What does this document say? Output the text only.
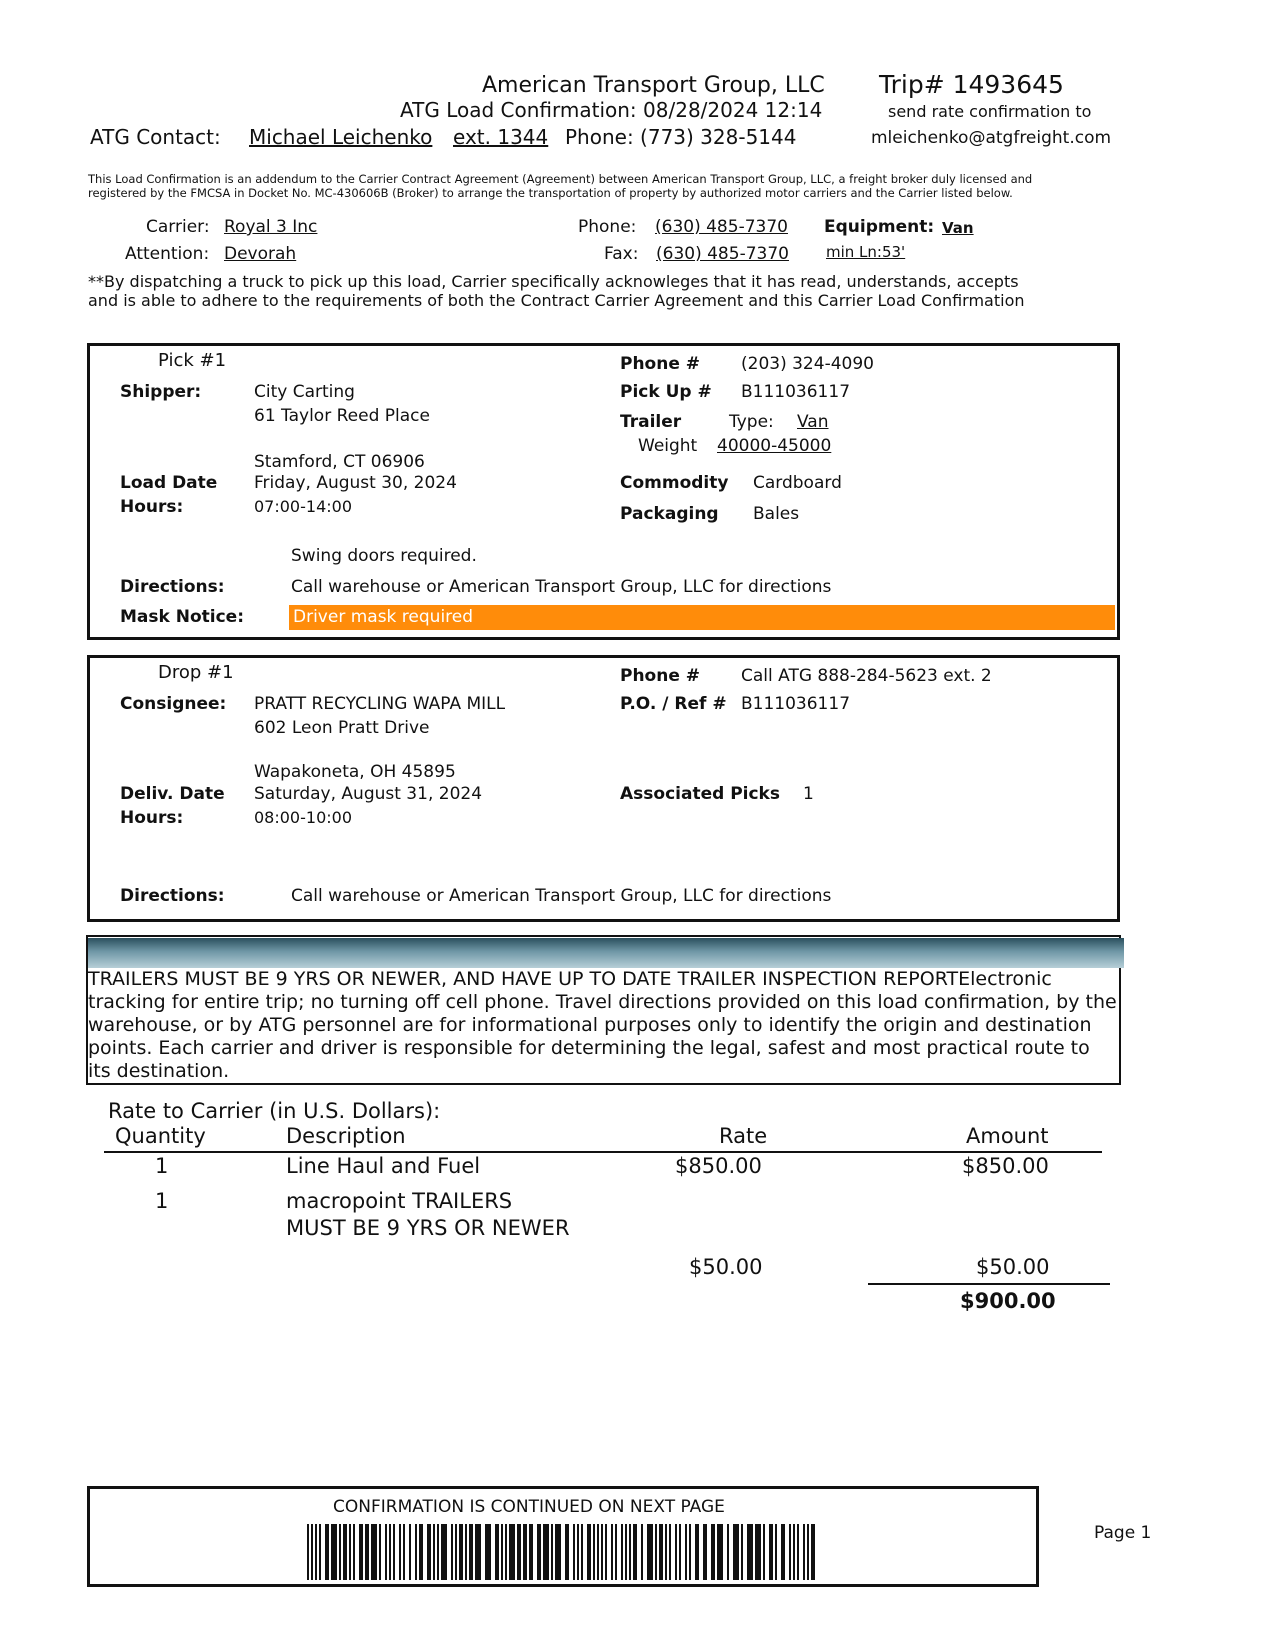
American Transport Group, LLC Trip# 1493645
ATG Load Confirmation: 08/28/2024 12:14	send rate confirmation to
ATG Contact: Michael Leichenko ext. 1344 Phone: (773) 328-5144	mleichenko@atgfreight.com
This Load Confirmation is an addendum to the Carrier Contract Agreement (Agreement) between American Transport Group, LLC, a freight broker duly licensed and
registered by the FMCSA in Docket No. MC-430606B (Broker) to arrange the transportation of property by authorized motor carriers and the Carrier listed below.
Carrier: Royal 3 Inc
Attention: Devorah
Phone: (630) 485-7370
Fax: (630) 485-7370
Equipment: Van
min Ln:53'
**By dispatching a truck to pick up this load, Carrier specifically acknowleges that it has read, understands, accepts
and is able to adhere to the requirements of both the Contract Carrier Agreement and this Carrier Load Confirmation
Pick #1
Shipper:	City Carting
61 Taylor Reed Place
Stamford, CT 06906
Load Date Friday, August 30, 2024
Hours:	07:00-14:00
Phone # (203) 324-4090
Pick Up # B111036117
Trailer	Type: Van
Weight 40000-45000
Commodity Cardboard
Packaging Bales
Swing doors required.
Directions:	Call warehouse or American Transport Group, LLC for directions
Mask Notice:	Driver mask required
Drop #1
Consignee: PRATT RECYCLING WAPA MILL
602 Leon Pratt Drive
Wapakoneta, OH 45895
Deliv. Date Saturday, August 31, 2024
Hours:	08:00-10:00
Phone # Call ATG 888-284-5623 ext. 2
P.O. / Ref # B111036117
Associated Picks 1
Directions:	Call warehouse or American Transport Group, LLC for directions
TRAILERS MUST BE 9 YRS OR NEWER, AND HAVE UP TO DATE TRAILER INSPECTION REPORTElectronic tracking for entire trip; no turning off cell phone. Travel directions provided on this load confirmation, by the warehouse, or by ATG personnel are for informational purposes only to identify the origin and destination points. Each carrier and driver is responsible for determining the legal, safest and most practical route to its destination.
Rate to Carrier (in U.S. Dollars):
Quantity	Description	Rate	Amount
1	Line Haul and Fuel	$850.00	$850.00
1	macropoint TRAILERS
MUST BE 9 YRS OR NEWER
$50.00	$50.00
$900.00
CONFIRMATION IS CONTINUED ON NEXT PAGE
Page 1
